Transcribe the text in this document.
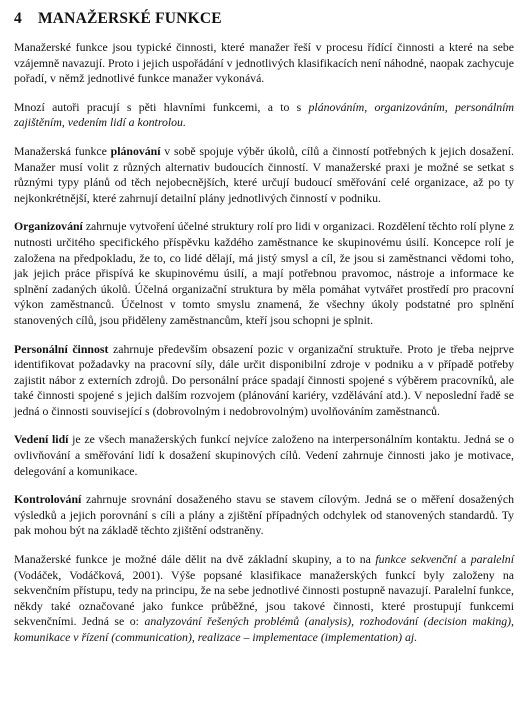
4 MANAŽERSKÉ FUNKCE

Manažerské funkce jsou typické činnosti, které manažer řeší v procesu řídící činnosti a které na sebe vzájemně navazují. Proto i jejich uspořádání v jednotlivých klasifikacích není náhodné, naopak zachycuje pořadí, v němž jednotlivé funkce manažer vykonává.

Mnozí autoři pracují s pěti hlavními funkcemi, a to s plánováním, organizováním, personálním zajištěním, vedením lidí a kontrolou.

Manažerská funkce plánování v sobě spojuje výběr úkolů, cílů a činností potřebných k jejich dosažení. Manažer musí volit z různých alternativ budoucích činností. V manažerské praxi je možné se setkat s různými typy plánů od těch nejobecnějších, které určují budoucí směřování celé organizace, až po ty nejkonkrétnější, které zahrnují detailní plány jednotlivých činností v podniku.

Organizování zahrnuje vytvoření účelné struktury rolí pro lidi v organizaci. Rozdělení těchto rolí plyne z nutnosti určitého specifického příspěvku každého zaměstnance ke skupinovému úsilí. Koncepce rolí je založena na předpokladu, že to, co lidé dělají, má jistý smysl a cíl, že jsou si zaměstnanci vědomi toho, jak jejich práce přispívá ke skupinovému úsilí, a mají potřebnou pravomoc, nástroje a informace ke splnění zadaných úkolů. Účelná organizační struktura by měla pomáhat vytvářet prostředí pro pracovní výkon zaměstnanců. Účelnost v tomto smyslu znamená, že všechny úkoly podstatné pro splnění stanovených cílů, jsou přiděleny zaměstnancům, kteří jsou schopni je splnit.

Personální činnost zahrnuje především obsazení pozic v organizační struktuře. Proto je třeba nejprve identifikovat požadavky na pracovní síly, dále určit disponibilní zdroje v podniku a v případě potřeby zajistit nábor z externích zdrojů. Do personální práce spadají činnosti spojené s výběrem pracovníků, ale také činnosti spojené s jejich dalším rozvojem (plánování kariéry, vzdělávání atd.). V neposlední řadě se jedná o činnosti související s (dobrovolným i nedobrovolným) uvolňováním zaměstnanců.

Vedení lidí je ze všech manažerských funkcí nejvíce založeno na interpersonálním kontaktu. Jedná se o ovlivňování a směřování lidí k dosažení skupinových cílů. Vedení zahrnuje činnosti jako je motivace, delegování a komunikace.

Kontrolování zahrnuje srovnání dosaženého stavu se stavem cílovým. Jedná se o měření dosažených výsledků a jejich porovnání s cíli a plány a zjištění případných odchylek od stanovených standardů. Ty pak mohou být na základě těchto zjištění odstraněny.

Manažerské funkce je možné dále dělit na dvě základní skupiny, a to na funkce sekvenční a paralelní (Vodáček, Vodáčková, 2001). Výše popsané klasifikace manažerských funkcí byly založeny na sekvenčním přístupu, tedy na principu, že na sebe jednotlivé činnosti postupně navazují. Paralelní funkce, někdy také označované jako funkce průběžné, jsou takové činnosti, které prostupují funkcemi sekvenčními. Jedná se o: analyzování řešených problémů (analysis), rozhodování (decision making), komunikace v řízení (communication), realizace – implementace (implementation) aj.
